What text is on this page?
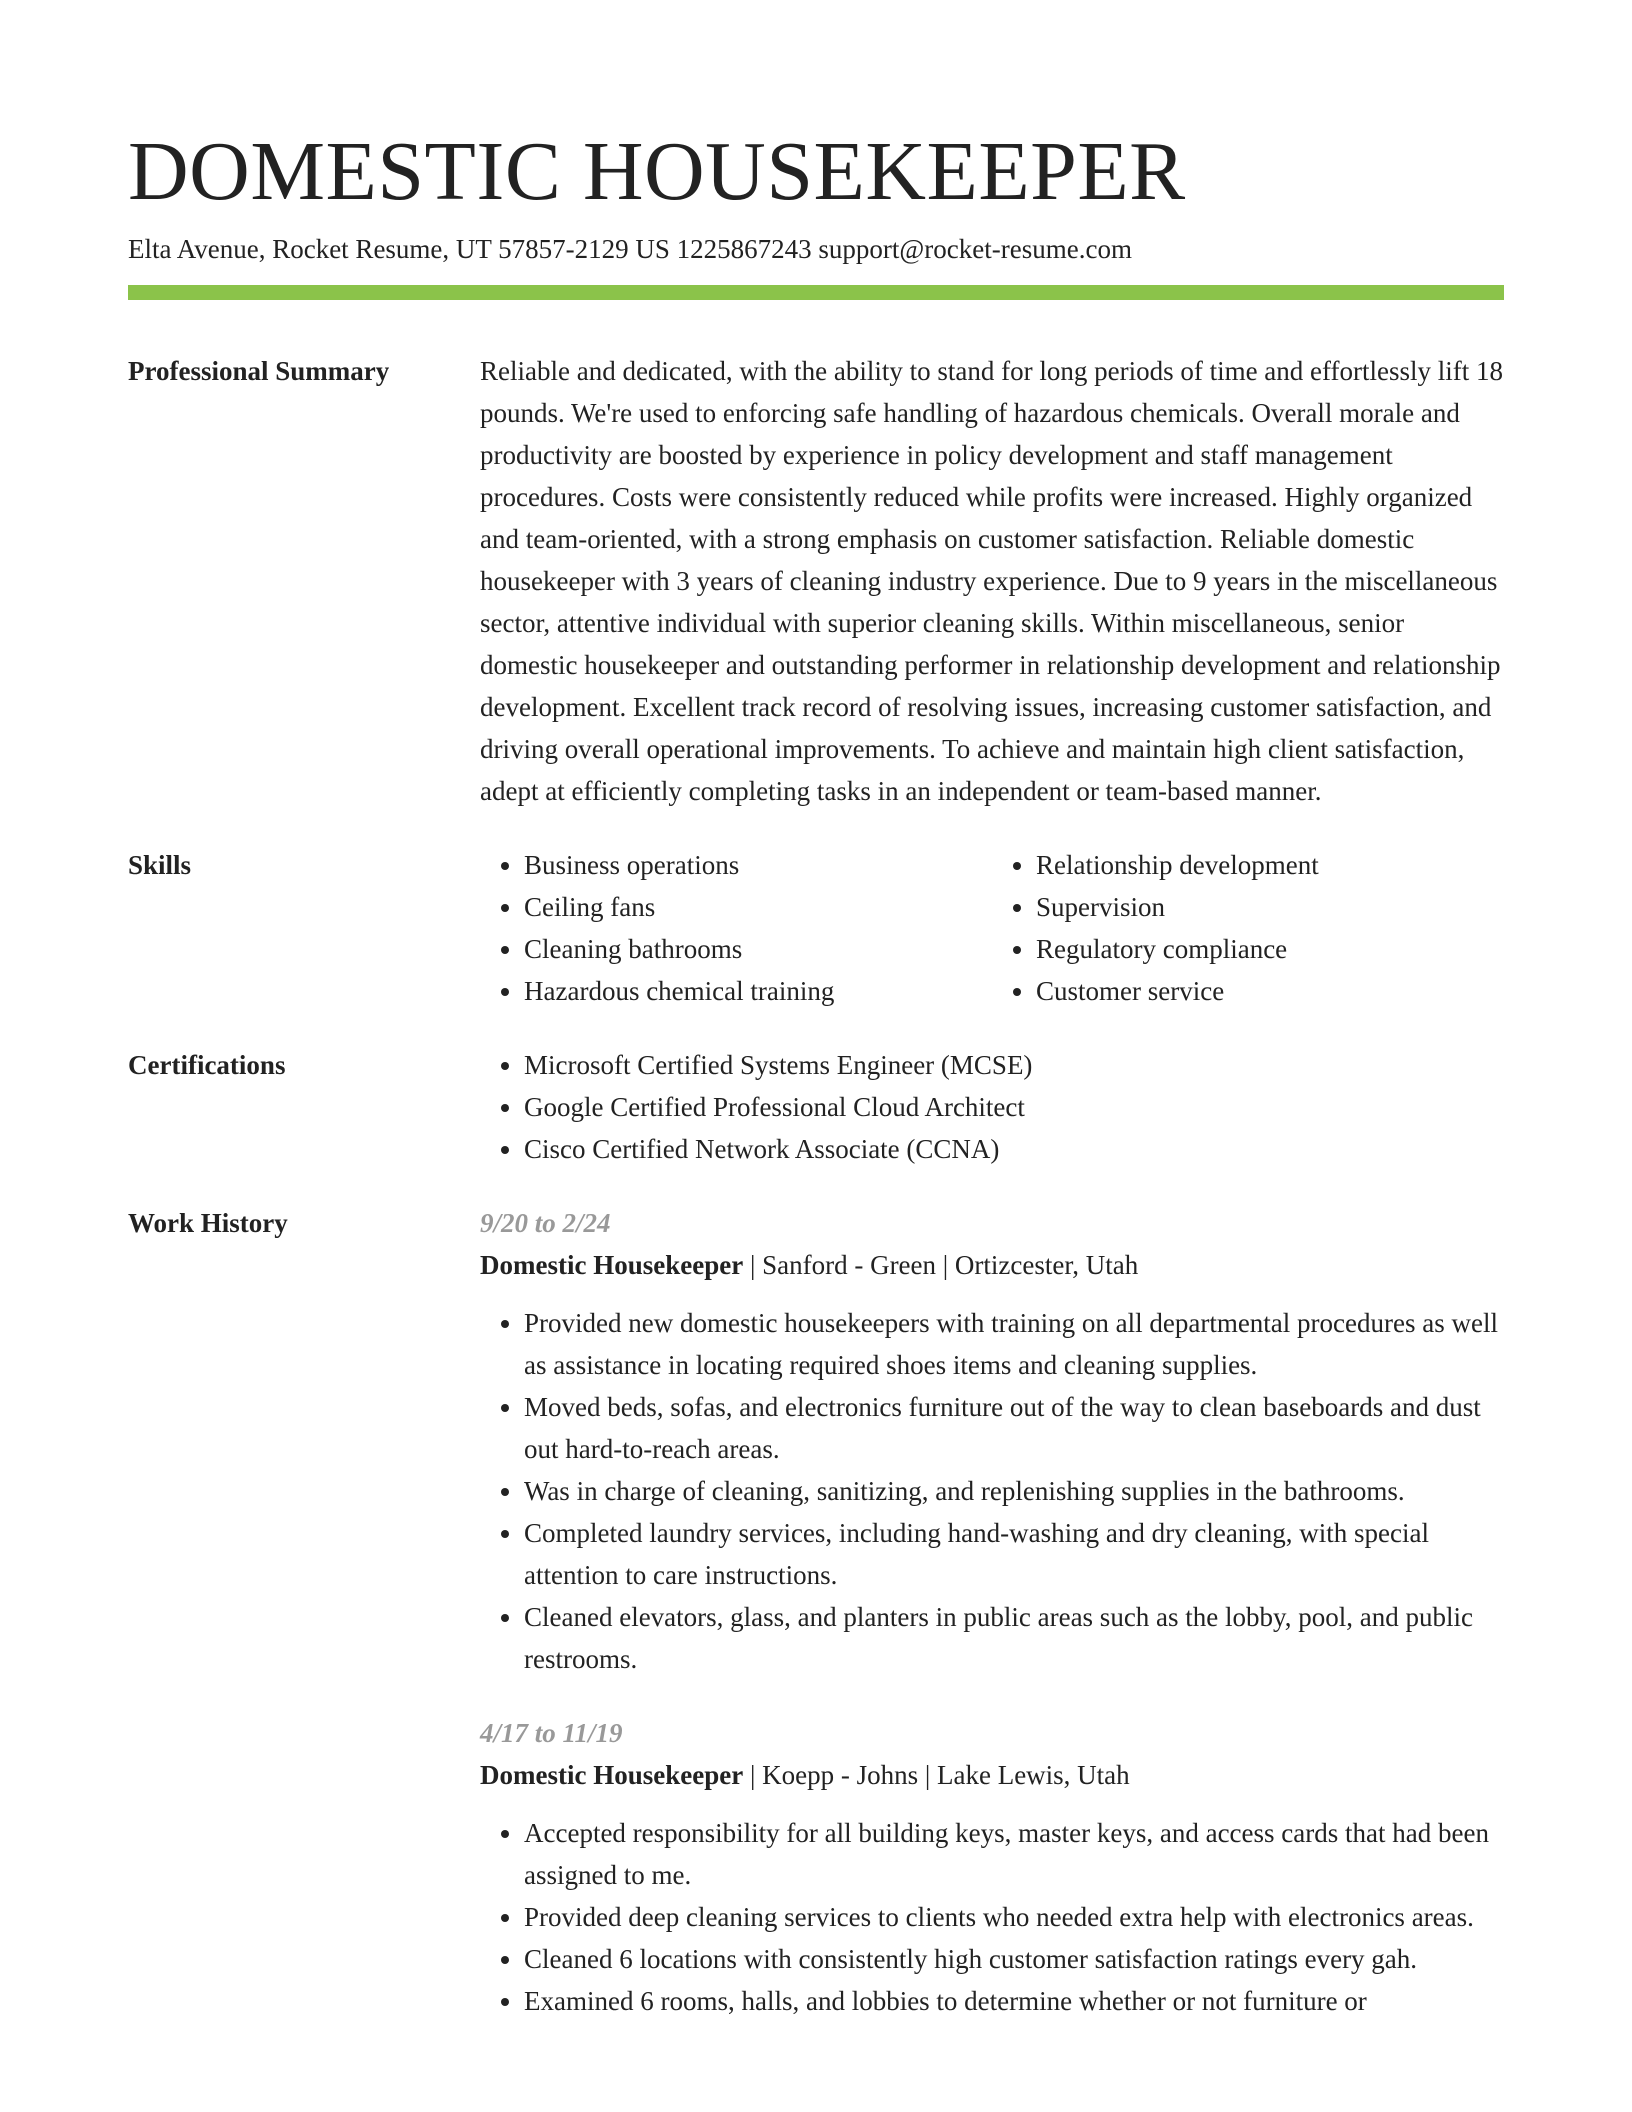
DOMESTIC HOUSEKEEPER
Elta Avenue, Rocket Resume, UT 57857-2129 US 1225867243 support@rocket-resume.com
Professional Summary	Reliable and dedicated, with the ability to stand for long periods of time and effortlessly lift 18 pounds. We're used to enforcing safe handling of hazardous chemicals. Overall morale and productivity are boosted by experience in policy development and staff management procedures. Costs were consistently reduced while profits were increased. Highly organized and team-oriented, with a strong emphasis on customer satisfaction. Reliable domestic housekeeper with 3 years of cleaning industry experience. Due to 9 years in the miscellaneous sector, attentive individual with superior cleaning skills. Within miscellaneous, senior domestic housekeeper and outstanding performer in relationship development and relationship development. Excellent track record of resolving issues, increasing customer satisfaction, and driving overall operational improvements. To achieve and maintain high client satisfaction, adept at efficiently completing tasks in an independent or team-based manner.

Skills	• Business operations
• Ceiling fans
• Cleaning bathrooms
• Hazardous chemical training
• Relationship development
• Supervision
• Regulatory compliance
• Customer service
Certifications	• Microsoft Certified Systems Engineer (MCSE)
• Google Certified Professional Cloud Architect
• Cisco Certified Network Associate (CCNA)
Work History	9/20 to 2/24
Domestic Housekeeper | Sanford - Green | Ortizcester, Utah
• Provided new domestic housekeepers with training on all departmental procedures as well as assistance in locating required shoes items and cleaning supplies.
• Moved beds, sofas, and electronics furniture out of the way to clean baseboards and dust out hard-to-reach areas.
• Was in charge of cleaning, sanitizing, and replenishing supplies in the bathrooms.
• Completed laundry services, including hand-washing and dry cleaning, with special attention to care instructions.
• Cleaned elevators, glass, and planters in public areas such as the lobby, pool, and public restrooms.
4/17 to 11/19
Domestic Housekeeper | Koepp - Johns | Lake Lewis, Utah
• Accepted responsibility for all building keys, master keys, and access cards that had been assigned to me.
• Provided deep cleaning services to clients who needed extra help with electronics areas.
• Cleaned 6 locations with consistently high customer satisfaction ratings every gah.
• Examined 6 rooms, halls, and lobbies to determine whether or not furniture or
